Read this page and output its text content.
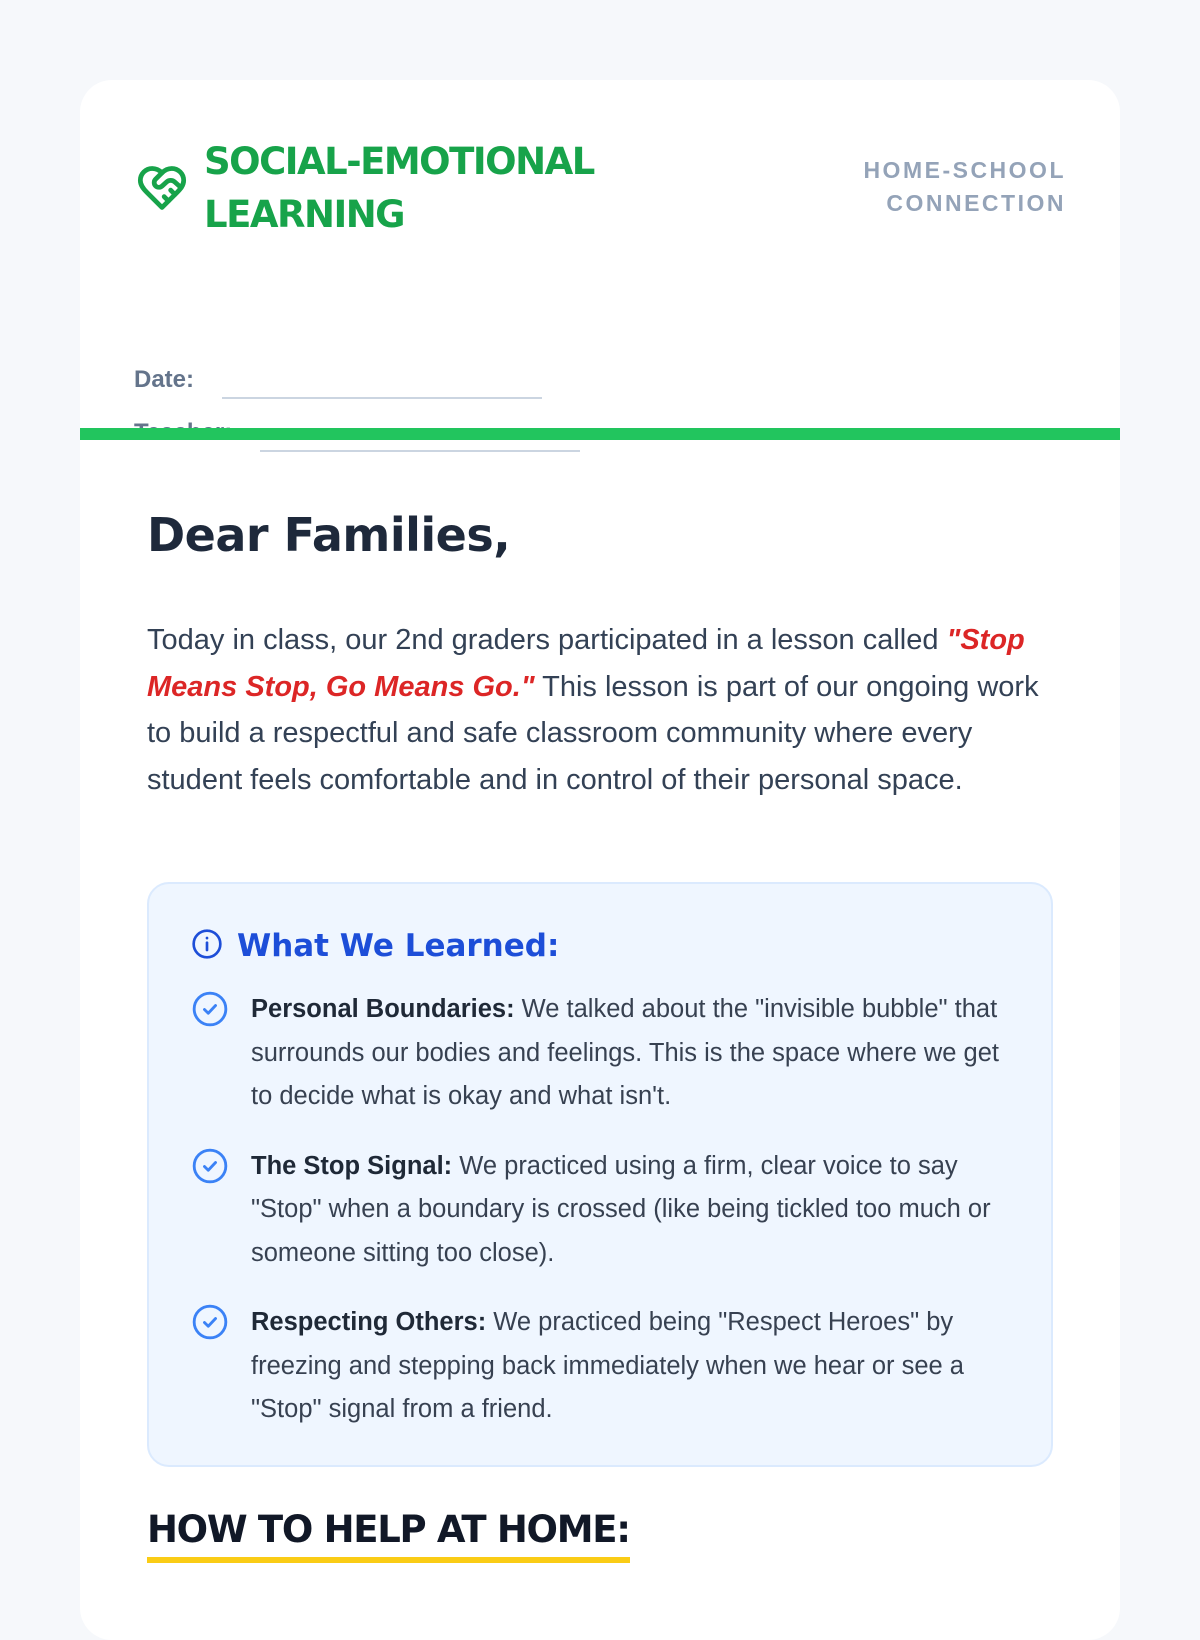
SOCIAL-EMOTIONAL LEARNING
HOME-SCHOOL CONNECTION
Date:
Dear Families,

Today in class, our 2nd graders participated in a lesson called "Stop Means Stop, Go Means Go." This lesson is part of our ongoing work to build a respectful and safe classroom community where every student feels comfortable and in control of their personal space.

What We Learned:
Personal Boundaries: We talked about the "invisible bubble" that surrounds our bodies and feelings. This is the space where we get to decide what is okay and what isn't.
The Stop Signal: We practiced using a firm, clear voice to say "Stop" when a boundary is crossed (like being tickled too much or someone sitting too close).
Respecting Others: We practiced being "Respect Heroes" by freezing and stepping back immediately when we hear or see a "Stop" signal from a friend.
HOW TO HELP AT HOME:
